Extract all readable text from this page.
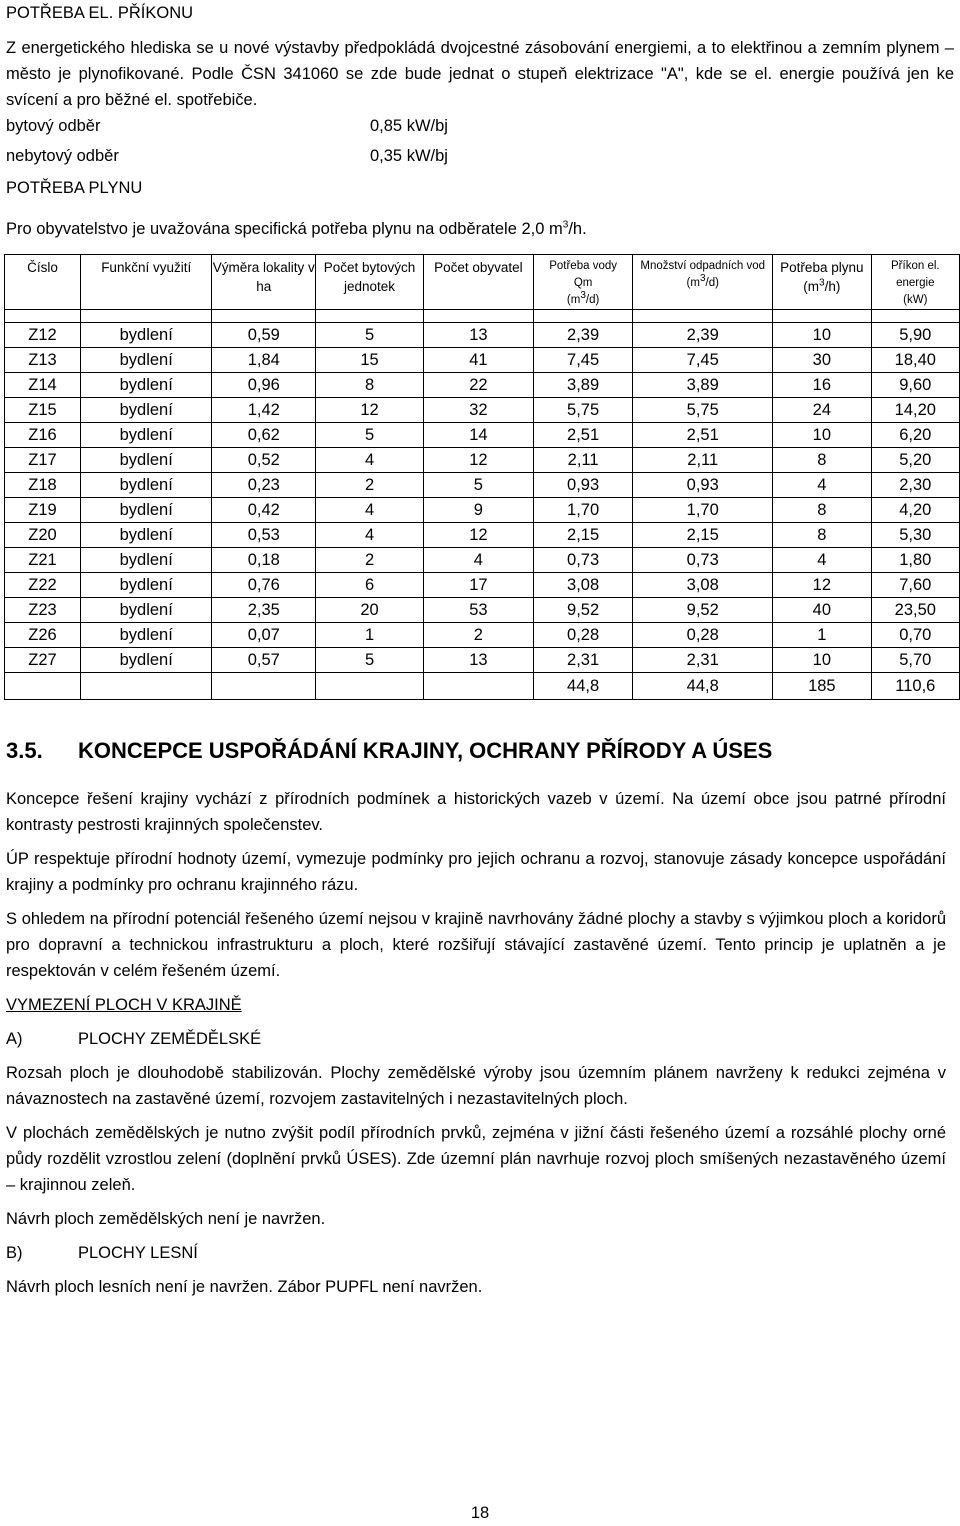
POTŘEBA EL. PŘÍKONU

Z energetického hlediska se u nové výstavby předpokládá dvojcestné zásobování energiemi, a to elektřinou a zemním plynem – město je plynofikované. Podle ČSN 341060 se zde bude jednat o stupeň elektrizace "A", kde se el. energie používá jen ke svícení a pro běžné el. spotřebiče.

bytový odběr	0,85 kW/bj
nebytový odběr	0,35 kW/bj
POTŘEBA PLYNU

Pro obyvatelstvo je uvažována specifická potřeba plynu na odběratele 2,0 $m^3/h$.

Číslo	Funkční využití	Výměra lokality v ha	Počet bytových jednotek	Počet obyvatel	Potřeba vody
Qm
$(m^3/d)$	Množství odpadních vod $(m^3/d)$	Potřeba plynu
$(m^3/h)$	Příkon el.
energie
(kW)

Z12	bydlení	0,59	5	13	2,39	2,39	10	5,90
Z13	bydlení	1,84	15	41	7,45	7,45	30	18,40
Z14	bydlení	0,96	8	22	3,89	3,89	16	9,60
Z15	bydlení	1,42	12	32	5,75	5,75	24	14,20
Z16	bydlení	0,62	5	14	2,51	2,51	10	6,20
Z17	bydlení	0,52	4	12	2,11	2,11	8	5,20
Z18	bydlení	0,23	2	5	0,93	0,93	4	2,30
Z19	bydlení	0,42	4	9	1,70	1,70	8	4,20
Z20	bydlení	0,53	4	12	2,15	2,15	8	5,30
Z21	bydlení	0,18	2	4	0,73	0,73	4	1,80
Z22	bydlení	0,76	6	17	3,08	3,08	12	7,60
Z23	bydlení	2,35	20	53	9,52	9,52	40	23,50
Z26	bydlení	0,07	1	2	0,28	0,28	1	0,70
Z27	bydlení	0,57	5	13	2,31	2,31	10	5,70
					44,8	44,8	185	110,6
3.5. KONCEPCE USPOŘÁDÁNÍ KRAJINY, OCHRANY PŘÍRODY A ÚSES

Koncepce řešení krajiny vychází z přírodních podmínek a historických vazeb v území. Na území obce jsou patrné přírodní kontrasty pestrosti krajinných společenstev.

ÚP respektuje přírodní hodnoty území, vymezuje podmínky pro jejich ochranu a rozvoj, stanovuje zásady koncepce uspořádání krajiny a podmínky pro ochranu krajinného rázu.

S ohledem na přírodní potenciál řešeného území nejsou v krajině navrhovány žádné plochy a stavby s výjimkou ploch a koridorů pro dopravní a technickou infrastrukturu a ploch, které rozšiřují stávající zastavěné území. Tento princip je uplatněn a je respektován v celém řešeném území.

VYMEZENÍ PLOCH V KRAJINĚ

A)	PLOCHY ZEMĚDĚLSKÉ

Rozsah ploch je dlouhodobě stabilizován. Plochy zemědělské výroby jsou územním plánem navrženy k redukci zejména v návaznostech na zastavěné území, rozvojem zastavitelných i nezastavitelných ploch.

V plochách zemědělských je nutno zvýšit podíl přírodních prvků, zejména v jižní části řešeného území a rozsáhlé plochy orné půdy rozdělit vzrostlou zelení (doplnění prvků ÚSES). Zde územní plán navrhuje rozvoj ploch smíšených nezastavěného území – krajinnou zeleň.

Návrh ploch zemědělských není je navržen.

B)	PLOCHY LESNÍ

Návrh ploch lesních není je navržen. Zábor PUPFL není navržen.

18
